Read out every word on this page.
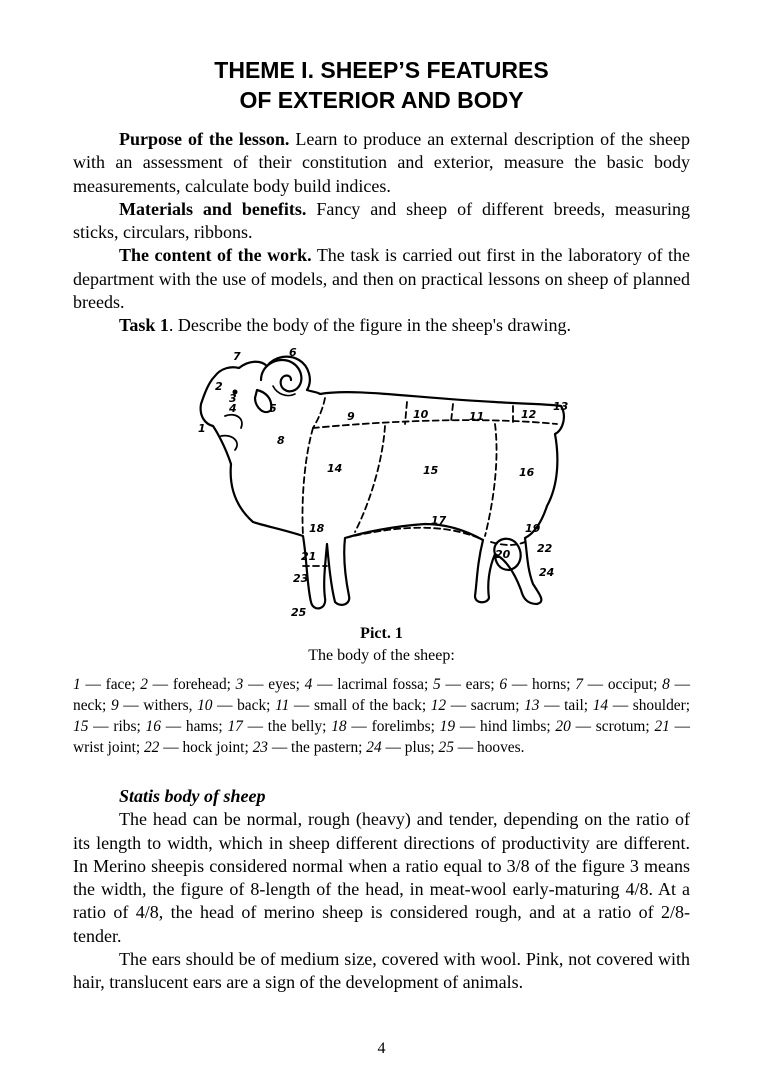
THEME I. SHEEP’S FEATURES
OF EXTERIOR AND BODY

Purpose of the lesson. Learn to produce an external description of the sheep with an assessment of their constitution and exterior, measure the basic body measurements, calculate body build indices.

Materials and benefits. Fancy and sheep of different breeds, measuring sticks, circulars, ribbons.

The content of the work. The task is carried out first in the laboratory of the department with the use of models, and then on practical lessons on sheep of planned breeds.

Task 1. Describe the body of the figure in the sheep's drawing.

1
2
3
4	5
6
7
8
9	10	11	12
13
14	15	16
17
18	19
20
21
22
23	24
25
Pict. 1
The body of the sheep:

1 — face; 2 — forehead; 3 — eyes; 4 — lacrimal fossa; 5 — ears; 6 — horns; 7 — occiput; 8 — neck; 9 — withers, 10 — back; 11 — small of the back; 12 — sacrum; 13 — tail; 14 — shoulder; 15 — ribs; 16 — hams; 17 — the belly; 18 — forelimbs; 19 — hind limbs; 20 — scrotum; 21 — wrist joint; 22 — hock joint; 23 — the pastern; 24 — plus; 25 — hooves.

Statis body of sheep

The head can be normal, rough (heavy) and tender, depending on the ratio of its length to width, which in sheep different directions of productivity are different. In Merino sheepis considered normal when a ratio equal to 3/8 of the figure 3 means the width, the figure of 8-length of the head, in meat-wool early-maturing 4/8. At a ratio of 4/8, the head of merino sheep is considered rough, and at a ratio of 2/8-tender.

The ears should be of medium size, covered with wool. Pink, not covered with hair, translucent ears are a sign of the development of animals.

4
